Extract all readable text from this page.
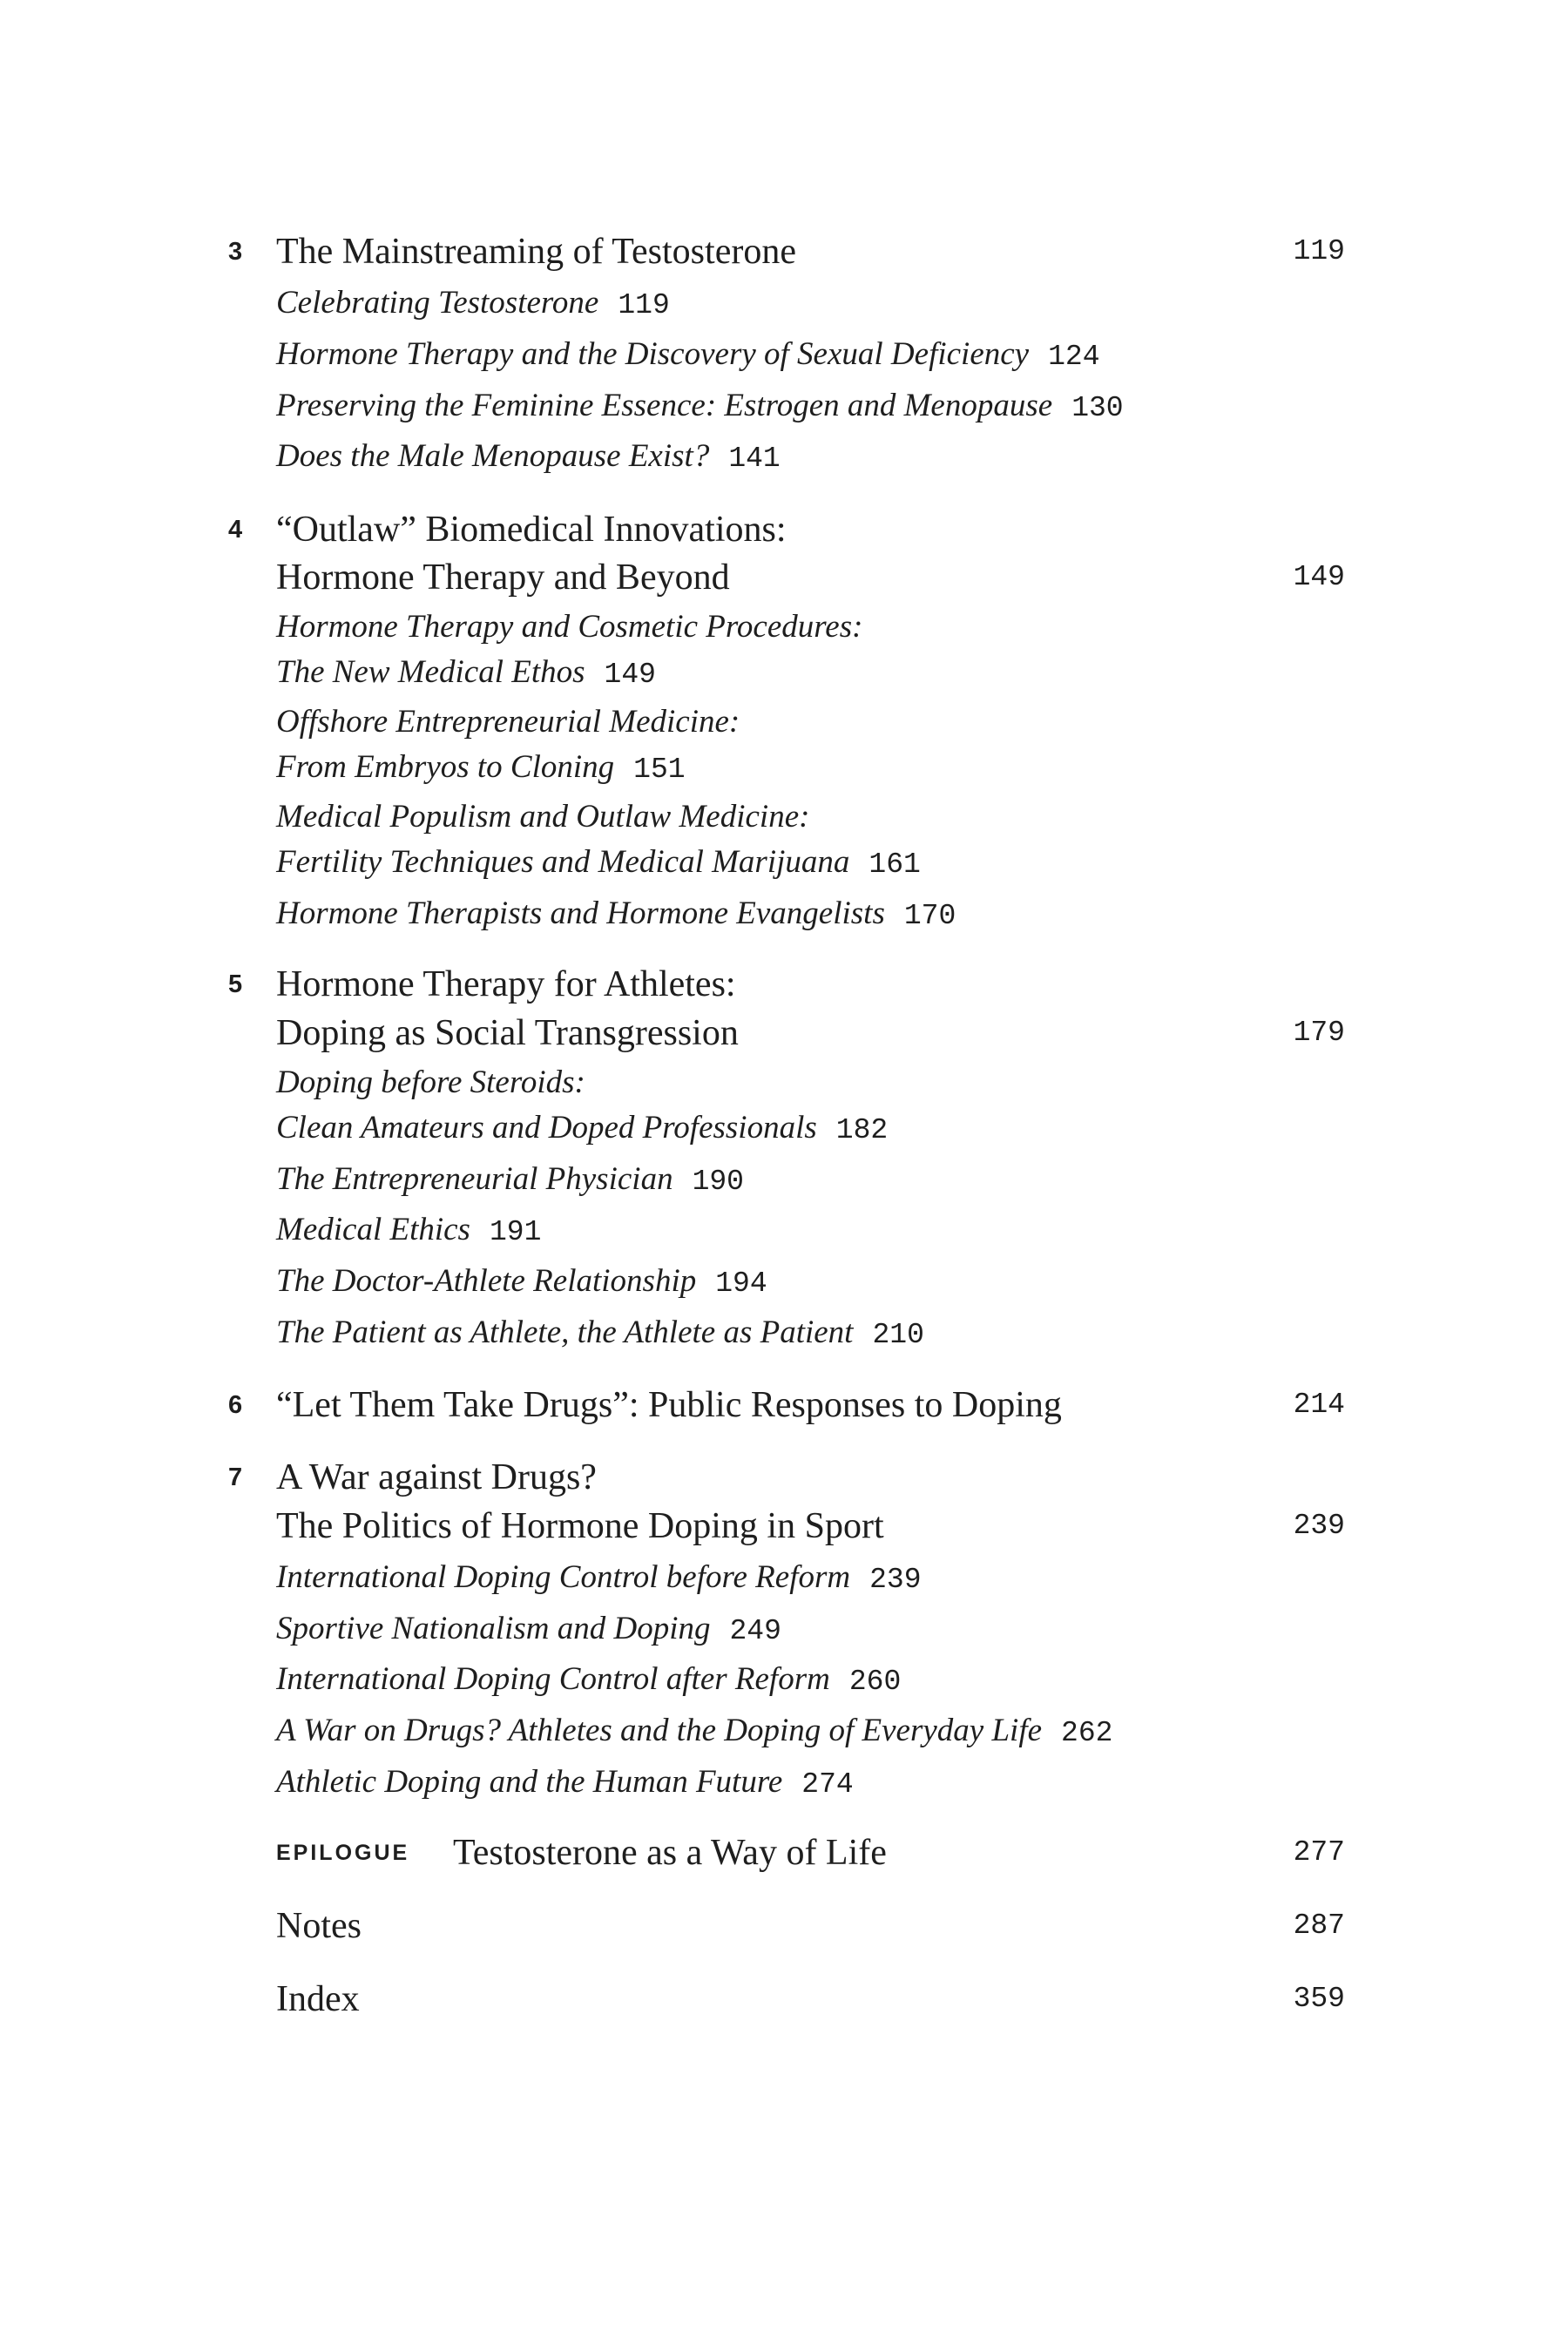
3 The Mainstreaming of Testosterone	119
Celebrating Testosterone 119
Hormone Therapy and the Discovery of Sexual Deficiency 124
Preserving the Feminine Essence: Estrogen and Menopause 130
Does the Male Menopause Exist? 141
4 “Outlaw” Biomedical Innovations:
Hormone Therapy and Beyond	149
Hormone Therapy and Cosmetic Procedures:
The New Medical Ethos 149
Offshore Entrepreneurial Medicine:
From Embryos to Cloning 151
Medical Populism and Outlaw Medicine:
Fertility Techniques and Medical Marijuana 161
Hormone Therapists and Hormone Evangelists 170
5 Hormone Therapy for Athletes:
Doping as Social Transgression	179
Doping before Steroids:
Clean Amateurs and Doped Professionals 182
The Entrepreneurial Physician 190
Medical Ethics 191
The Doctor-Athlete Relationship 194
The Patient as Athlete, the Athlete as Patient 210
6 “Let Them Take Drugs”: Public Responses to Doping	214
7 A War against Drugs?
The Politics of Hormone Doping in Sport	239
International Doping Control before Reform 239
Sportive Nationalism and Doping 249
International Doping Control after Reform 260
A War on Drugs? Athletes and the Doping of Everyday Life 262
Athletic Doping and the Human Future 274
EPILOGUE Testosterone as a Way of Life	277
Notes	287
Index	359
